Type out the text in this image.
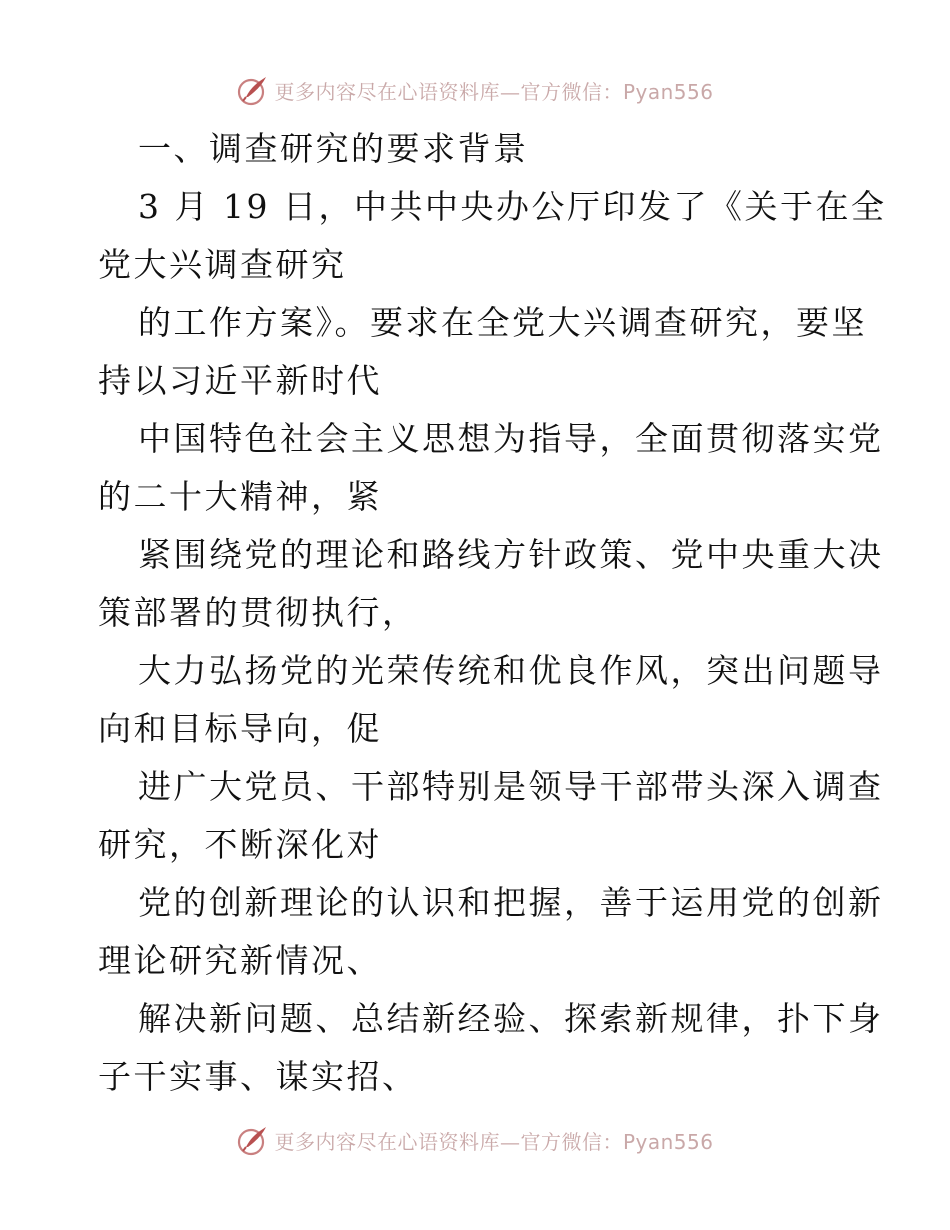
更多内容尽在心语资料库—官方微信：Pyan556
一、调查研究的要求背景
3 月 19 日，中共中央办公厅印发了《关于在全
党大兴调查研究
的工作方案》。要求在全党大兴调查研究，要坚
持以习近平新时代
中国特色社会主义思想为指导，全面贯彻落实党
的二十大精神，紧
紧围绕党的理论和路线方针政策、党中央重大决
策部署的贯彻执行，
大力弘扬党的光荣传统和优良作风，突出问题导
向和目标导向，促
进广大党员、干部特别是领导干部带头深入调查
研究，不断深化对
党的创新理论的认识和把握，善于运用党的创新
理论研究新情况、
解决新问题、总结新经验、探索新规律，扑下身
子干实事、谋实招、
更多内容尽在心语资料库—官方微信：Pyan556
